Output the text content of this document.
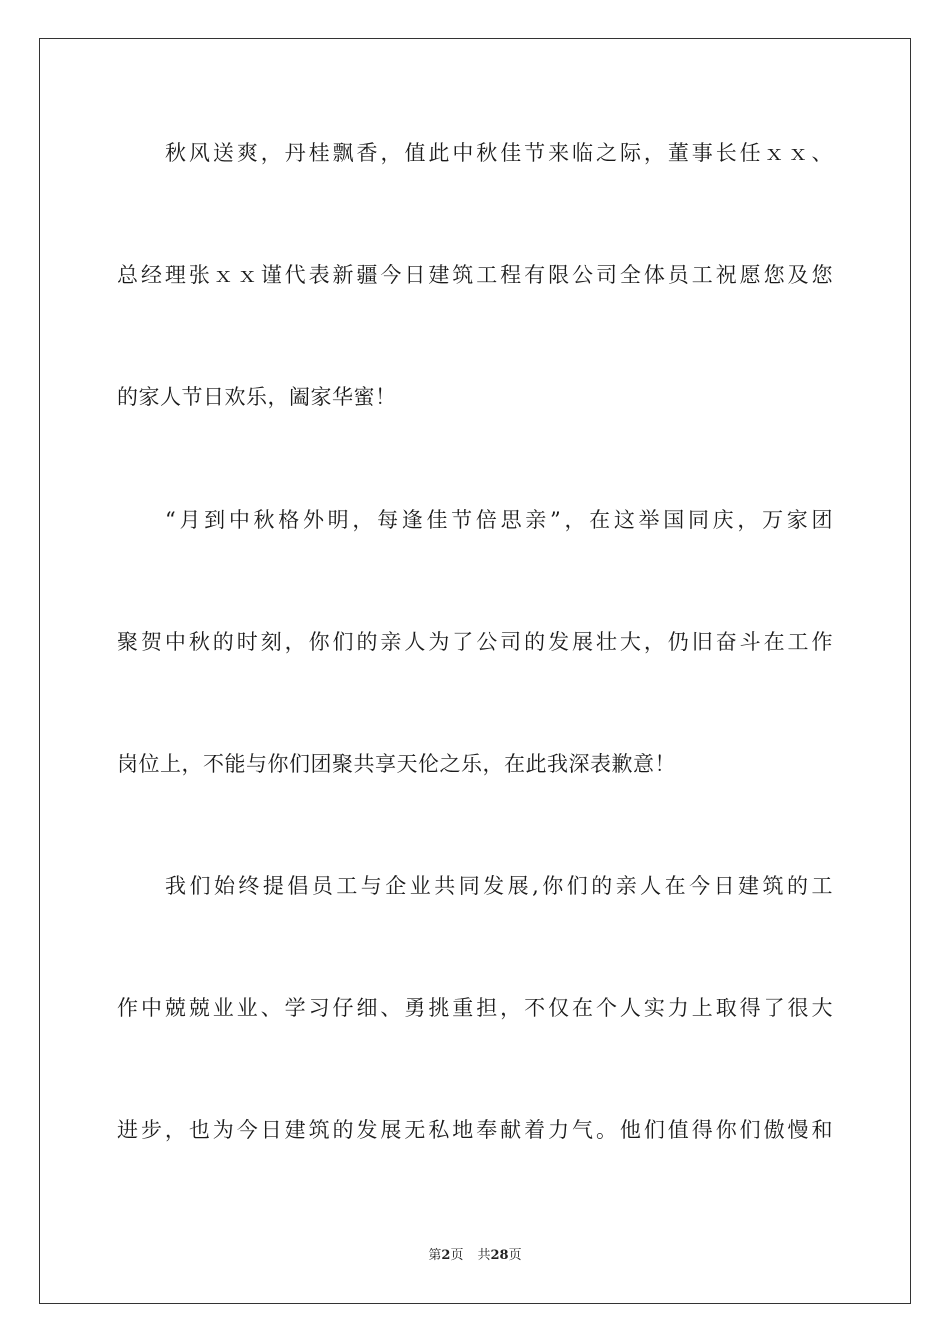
秋风送爽，丹桂飘香，值此中秋佳节来临之际，董事长任ｘｘ、
总经理张ｘｘ谨代表新疆今日建筑工程有限公司全体员工祝愿您及您
的家人节日欢乐，阖家华蜜！
“月到中秋格外明，每逢佳节倍思亲”，在这举国同庆，万家团
聚贺中秋的时刻，你们的亲人为了公司的发展壮大，仍旧奋斗在工作
岗位上，不能与你们团聚共享天伦之乐，在此我深表歉意！
我们始终提倡员工与企业共同发展,你们的亲人在今日建筑的工
作中兢兢业业、学习仔细、勇挑重担，不仅在个人实力上取得了很大
进步，也为今日建筑的发展无私地奉献着力气。他们值得你们傲慢和
第2页 共28页
